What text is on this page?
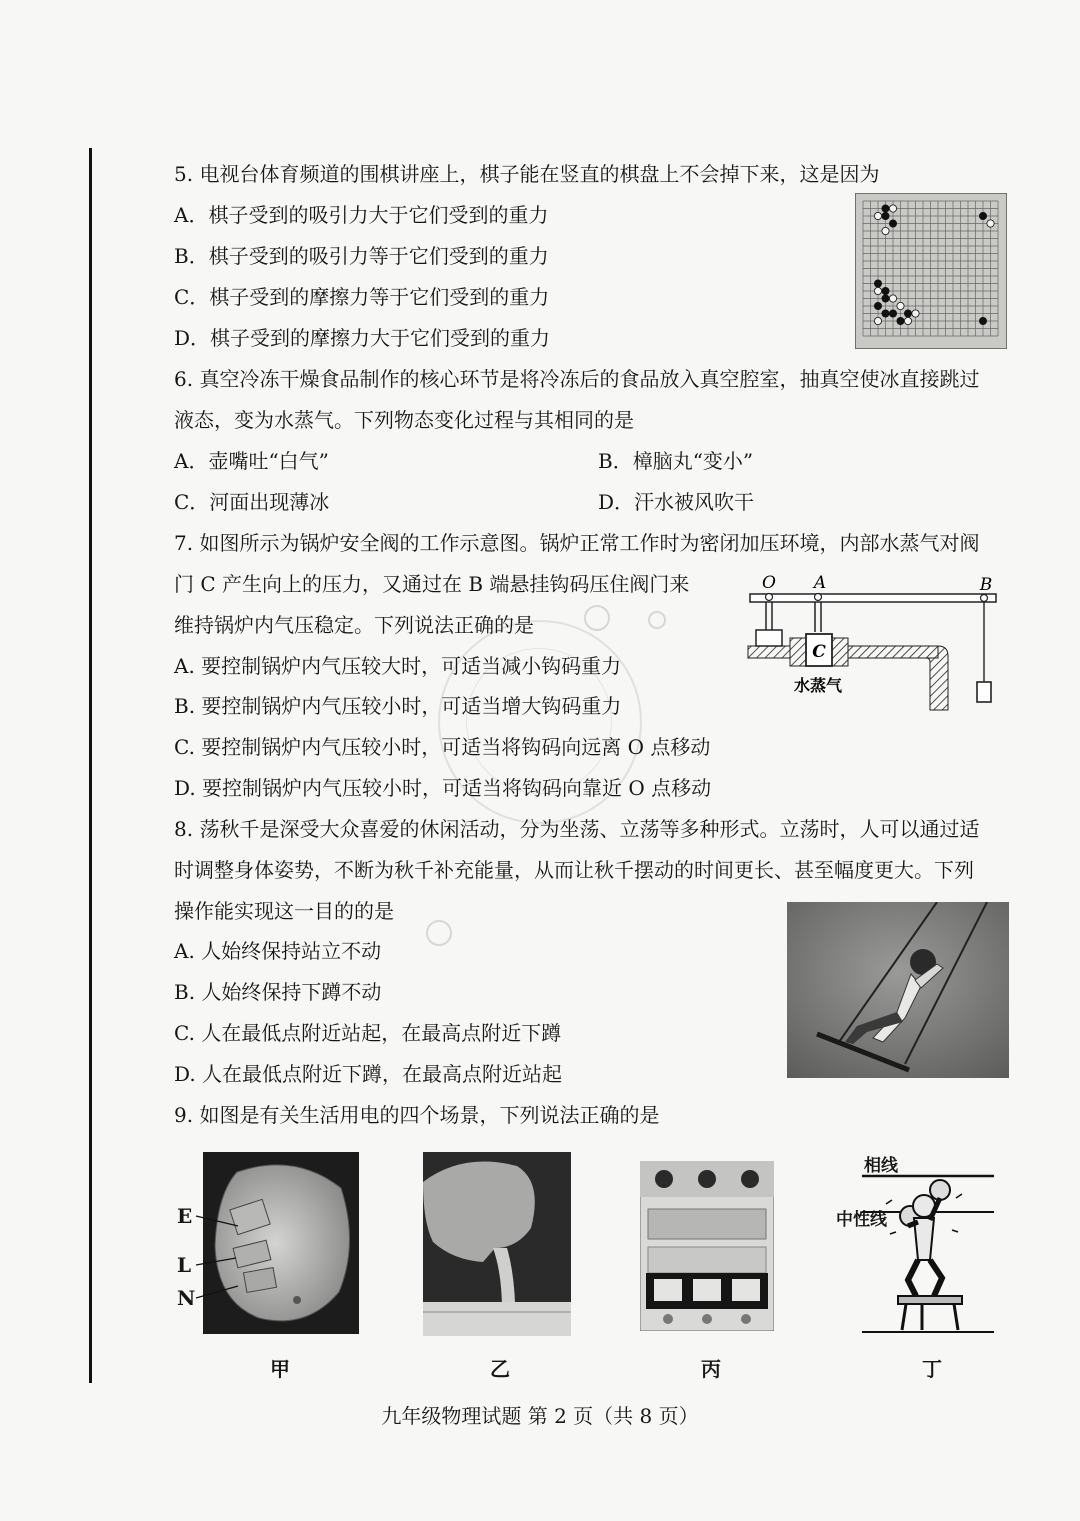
5. 电视台体育频道的围棋讲座上，棋子能在竖直的棋盘上不会掉下来，这是因为
A．棋子受到的吸引力大于它们受到的重力
B．棋子受到的吸引力等于它们受到的重力
C．棋子受到的摩擦力等于它们受到的重力
D．棋子受到的摩擦力大于它们受到的重力
6. 真空冷冻干燥食品制作的核心环节是将冷冻后的食品放入真空腔室，抽真空使冰直接跳过
液态，变为水蒸气。下列物态变化过程与其相同的是
A．壶嘴吐“白气”	B．樟脑丸“变小”
C．河面出现薄冰	D．汗水被风吹干
7. 如图所示为锅炉安全阀的工作示意图。锅炉正常工作时为密闭加压环境，内部水蒸气对阀
门 C 产生向上的压力，又通过在 B 端悬挂钩码压住阀门来
维持锅炉内气压稳定。下列说法正确的是
A. 要控制锅炉内气压较大时，可适当减小钩码重力
B. 要控制锅炉内气压较小时，可适当增大钩码重力
C. 要控制锅炉内气压较小时，可适当将钩码向远离 O 点移动
D. 要控制锅炉内气压较小时，可适当将钩码向靠近 O 点移动
C
O A	B
水蒸气
8. 荡秋千是深受大众喜爱的休闲活动，分为坐荡、立荡等多种形式。立荡时，人可以通过适
时调整身体姿势，不断为秋千补充能量，从而让秋千摆动的时间更长、甚至幅度更大。下列
操作能实现这一目的的是
A. 人始终保持站立不动
B. 人始终保持下蹲不动
C. 人在最低点附近站起，在最高点附近下蹲
D. 人在最低点附近下蹲，在最高点附近站起
9. 如图是有关生活用电的四个场景，下列说法正确的是
E
L
N
相线
中性线
甲	乙	丙	丁
九年级物理试题 第 2 页（共 8 页）
